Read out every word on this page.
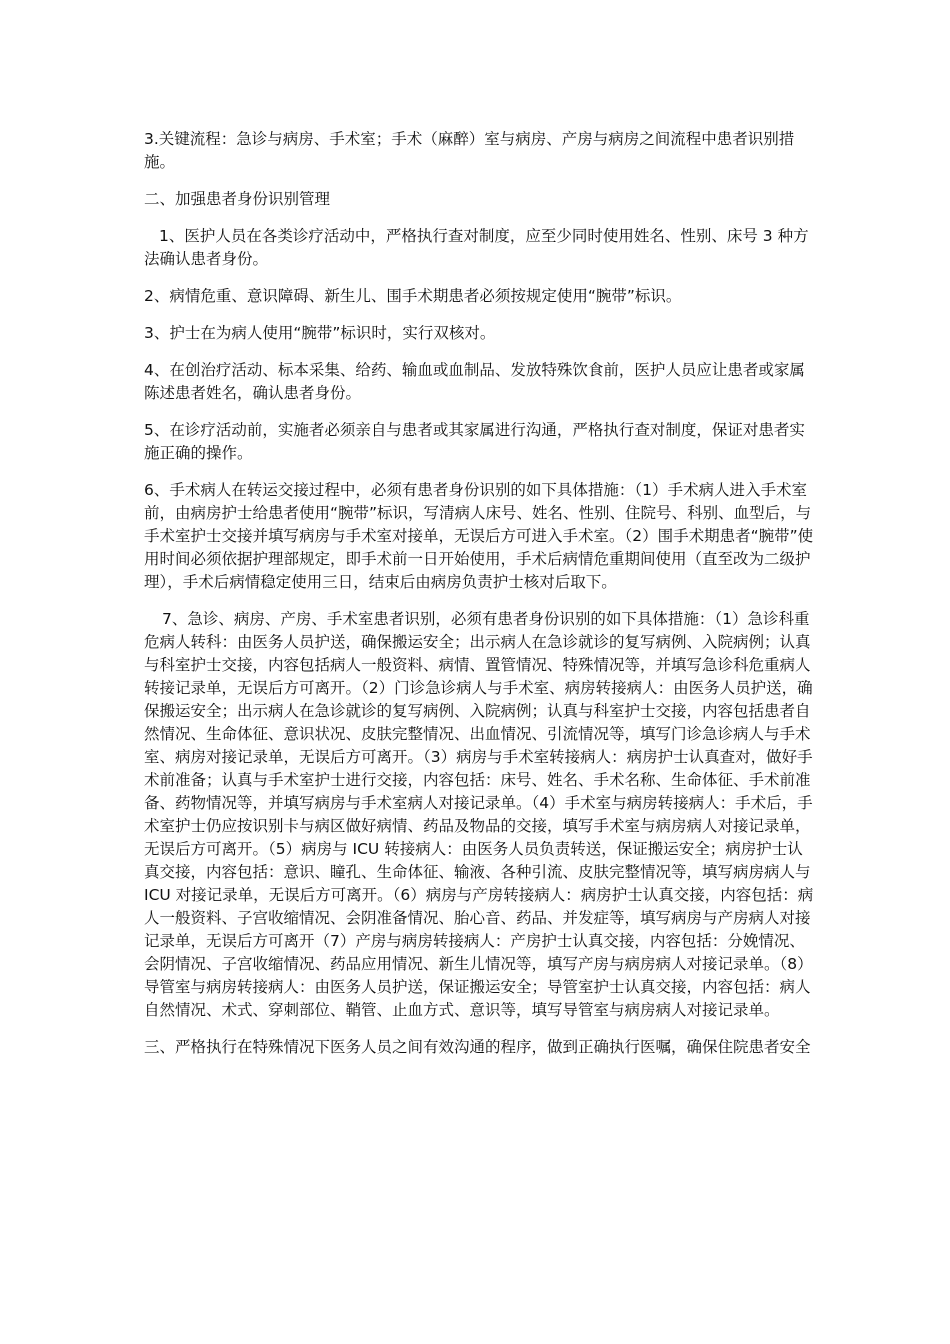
3.关键流程：急诊与病房、手术室；手术（麻醉）室与病房、产房与病房之间流程中患者识别措施。

二、加强患者身份识别管理

1、医护人员在各类诊疗活动中，严格执行查对制度，应至少同时使用姓名、性别、床号 3 种方法确认患者身份。

2、病情危重、意识障碍、新生儿、围手术期患者必须按规定使用“腕带”标识。

3、护士在为病人使用“腕带”标识时，实行双核对。

4、在创治疗活动、标本采集、给药、输血或血制品、发放特殊饮食前，医护人员应让患者或家属陈述患者姓名，确认患者身份。

5、在诊疗活动前，实施者必须亲自与患者或其家属进行沟通，严格执行查对制度，保证对患者实施正确的操作。

6、手术病人在转运交接过程中，必须有患者身份识别的如下具体措施：（1）手术病人进入手术室前，由病房护士给患者使用“腕带”标识，写清病人床号、姓名、性别、住院号、科别、血型后，与手术室护士交接并填写病房与手术室对接单，无误后方可进入手术室。（2）围手术期患者“腕带”使用时间必须依据护理部规定，即手术前一日开始使用，手术后病情危重期间使用（直至改为二级护理），手术后病情稳定使用三日，结束后由病房负责护士核对后取下。

7、急诊、病房、产房、手术室患者识别，必须有患者身份识别的如下具体措施：（1）急诊科重危病人转科：由医务人员护送，确保搬运安全；出示病人在急诊就诊的复写病例、入院病例；认真与科室护士交接，内容包括病人一般资料、病情、置管情况、特殊情况等，并填写急诊科危重病人转接记录单，无误后方可离开。（2）门诊急诊病人与手术室、病房转接病人：由医务人员护送，确保搬运安全；出示病人在急诊就诊的复写病例、入院病例；认真与科室护士交接，内容包括患者自然情况、生命体征、意识状况、皮肤完整情况、出血情况、引流情况等，填写门诊急诊病人与手术室、病房对接记录单，无误后方可离开。（3）病房与手术室转接病人：病房护士认真查对，做好手术前准备；认真与手术室护士进行交接，内容包括：床号、姓名、手术名称、生命体征、手术前准备、药物情况等，并填写病房与手术室病人对接记录单。（4）手术室与病房转接病人：手术后，手术室护士仍应按识别卡与病区做好病情、药品及物品的交接，填写手术室与病房病人对接记录单，无误后方可离开。（5）病房与 ICU 转接病人：由医务人员负责转送，保证搬运安全；病房护士认真交接，内容包括：意识、瞳孔、生命体征、输液、各种引流、皮肤完整情况等，填写病房病人与 ICU 对接记录单，无误后方可离开。（6）病房与产房转接病人：病房护士认真交接，内容包括：病人一般资料、子宫收缩情况、会阴准备情况、胎心音、药品、并发症等，填写病房与产房病人对接记录单，无误后方可离开（7）产房与病房转接病人：产房护士认真交接，内容包括：分娩情况、会阴情况、子宫收缩情况、药品应用情况、新生儿情况等，填写产房与病房病人对接记录单。（8）导管室与病房转接病人：由医务人员护送，保证搬运安全；导管室护士认真交接，内容包括：病人自然情况、术式、穿刺部位、鞘管、止血方式、意识等，填写导管室与病房病人对接记录单。

三、严格执行在特殊情况下医务人员之间有效沟通的程序，做到正确执行医嘱，确保住院患者安全
